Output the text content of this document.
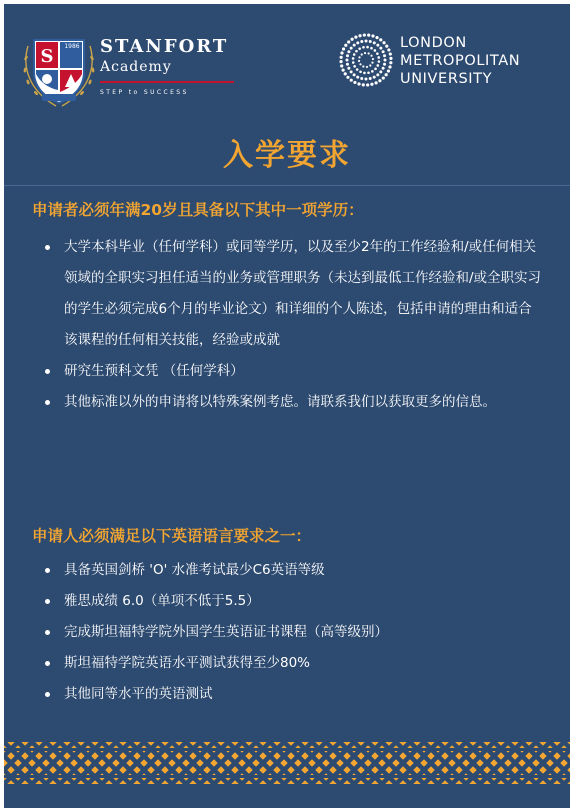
S	STANFORT
Academy
STEP to SUCCESS
1986	LONDON
METROPOLITAN
UNIVERSITY
入学要求
申请者必须年满20岁且具备以下其中一项学历：
大学本科毕业（任何学科）或同等学历，以及至少2年的工作经验和/或任何相关领域的全职实习担任适当的业务或管理职务（未达到最低工作经验和/或全职实习的学生必须完成6个月的毕业论文）和详细的个人陈述，包括申请的理由和适合该课程的任何相关技能，经验或成就
研究生预科文凭 （任何学科）
其他标准以外的申请将以特殊案例考虑。请联系我们以获取更多的信息。
申请人必须满足以下英语语言要求之一：
具备英国剑桥 'O' 水准考试最少C6英语等级
雅思成绩 6.0（单项不低于5.5）
完成斯坦福特学院外国学生英语证书课程（高等级别）
斯坦福特学院英语水平测试获得至少80%
其他同等水平的英语测试
